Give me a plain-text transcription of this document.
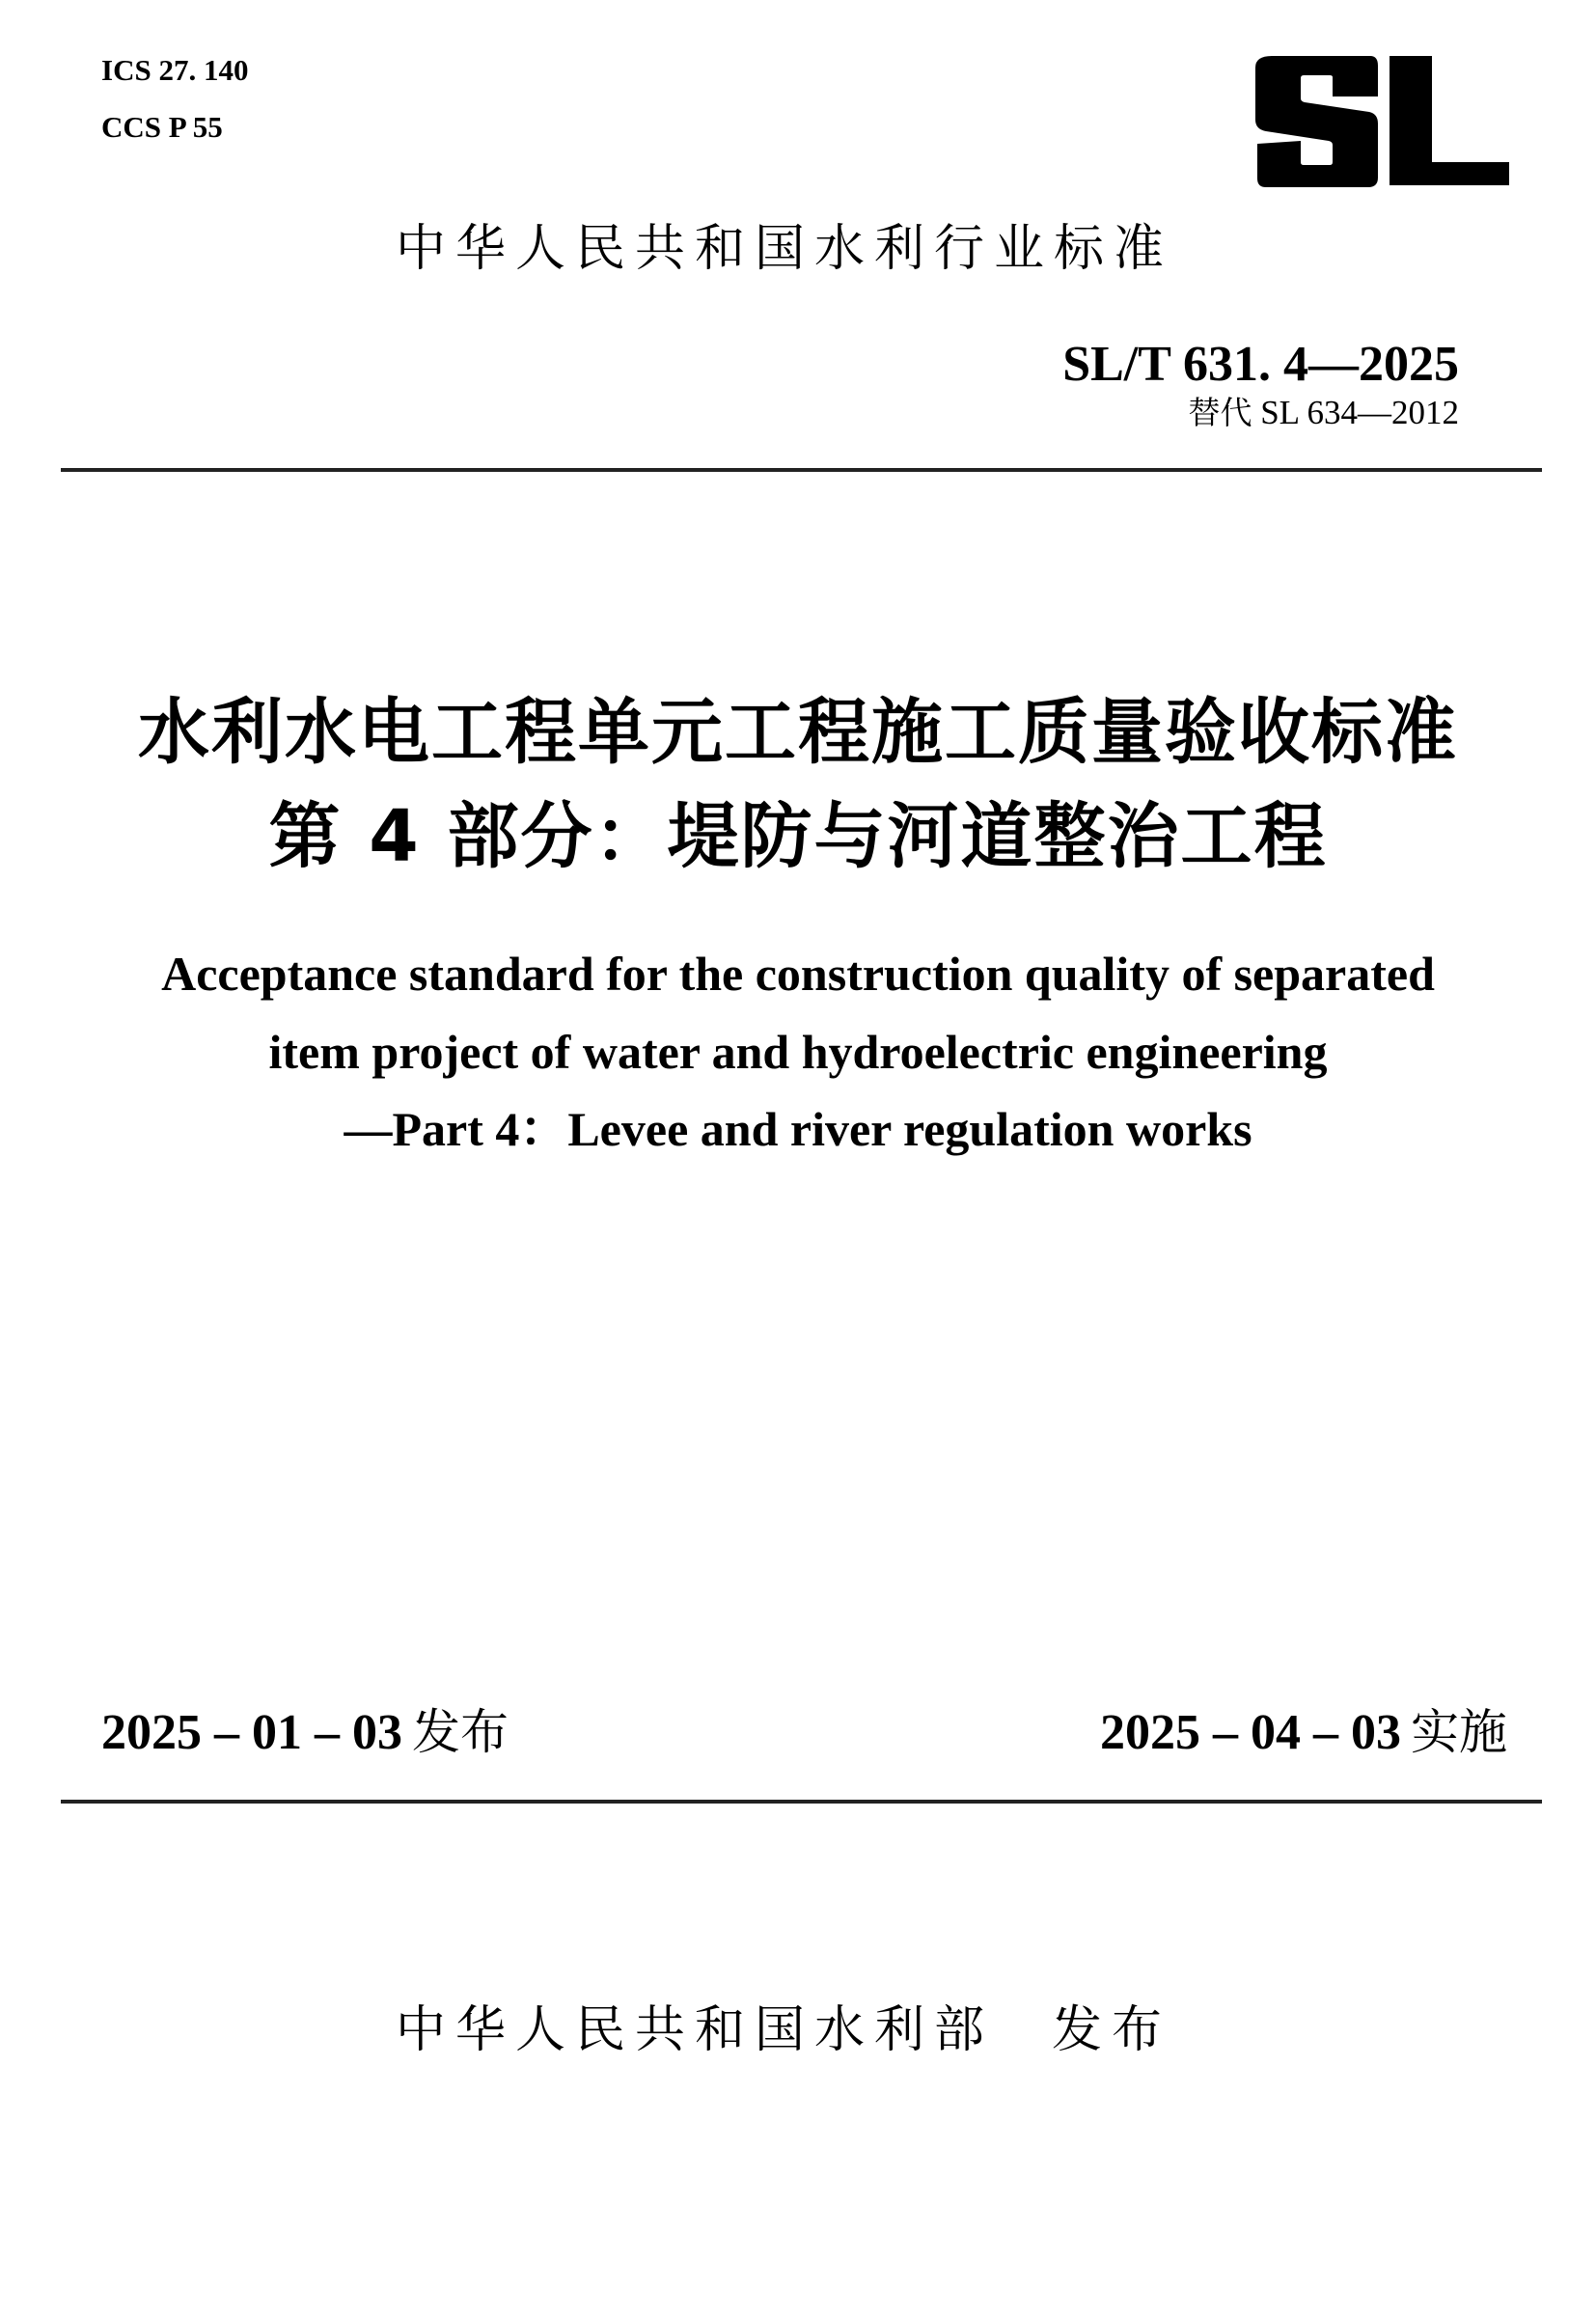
ICS 27. 140
CCS P 55
中华人民共和国水利行业标准
SL/T 631. 4—2025
替代 SL 634—2012
水利水电工程单元工程施工质量验收标准
第 4 部分：堤防与河道整治工程
Acceptance standard for the construction quality of separated
item project of water and hydroelectric engineering
—Part 4：Levee and river regulation works
2025 – 01 – 03 发布	2025 – 04 – 03 实施
中华人民共和国水利部 发布
